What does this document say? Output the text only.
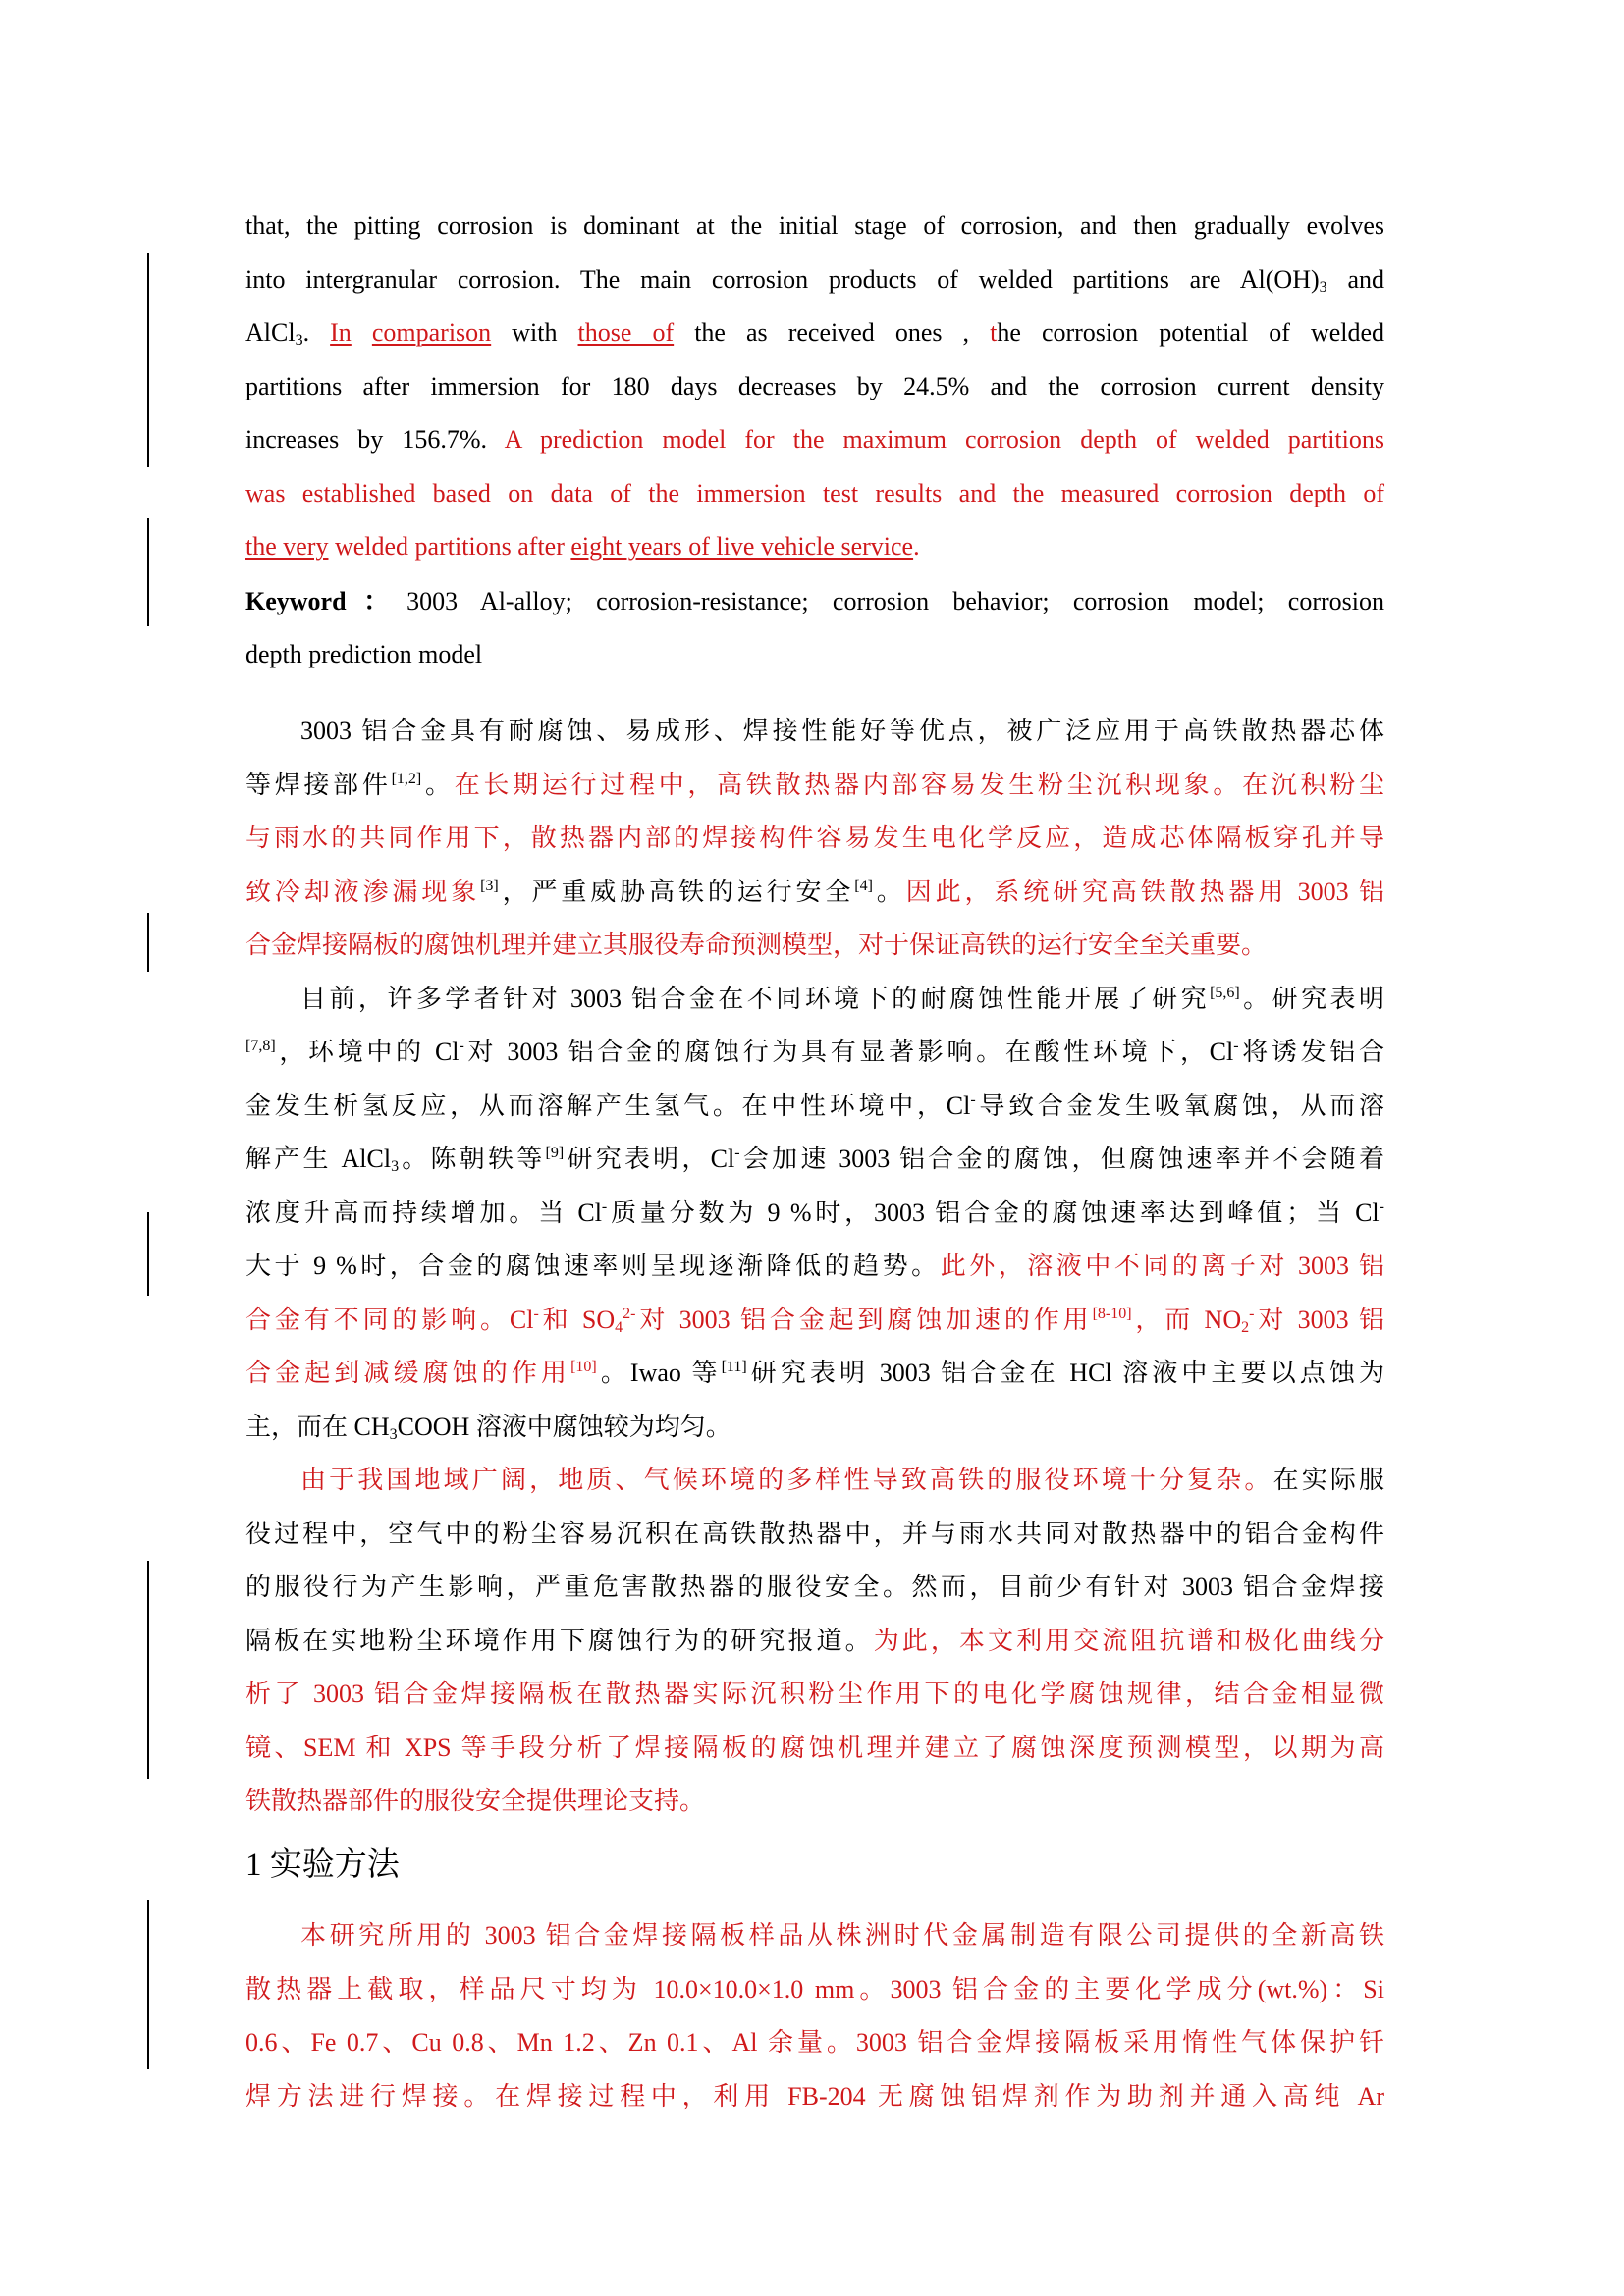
that, the pitting corrosion is dominant at the initial stage of corrosion, and then gradually evolves
into intergranular corrosion. The main corrosion products of welded partitions are $Al(OH)_3$ and
AlCl$_3$. In comparison with those of the as received ones , the corrosion potential of welded
partitions after immersion for 180 days decreases by 24.5% and the corrosion current density
increases by 156.7%. A prediction model for the maximum corrosion depth of welded partitions
was established based on data of the immersion test results and the measured corrosion depth of
the very welded partitions after eight years of live vehicle service.
Keyword：3003 Al-alloy; corrosion-resistance; corrosion behavior; corrosion model; corrosion
depth prediction model
3003 铝合金具有耐腐蚀、易成形、焊接性能好等优点，被广泛应用于高铁散热器芯体
等焊接部件[1,2]。在长期运行过程中，高铁散热器内部容易发生粉尘沉积现象。在沉积粉尘
与雨水的共同作用下，散热器内部的焊接构件容易发生电化学反应，造成芯体隔板穿孔并导
致冷却液渗漏现象[3]，严重威胁高铁的运行安全[4]。因此，系统研究高铁散热器用 3003 铝
合金焊接隔板的腐蚀机理并建立其服役寿命预测模型，对于保证高铁的运行安全至关重要。
目前，许多学者针对 3003 铝合金在不同环境下的耐腐蚀性能开展了研究[5,6]。研究表明
[7,8]，环境中的 Cl-对 3003 铝合金的腐蚀行为具有显著影响。在酸性环境下，Cl-将诱发铝合
金发生析氢反应，从而溶解产生氢气。在中性环境中，Cl-导致合金发生吸氧腐蚀，从而溶
解产生 AlCl$_3$。陈朝轶等[9]研究表明，Cl-会加速 3003 铝合金的腐蚀，但腐蚀速率并不会随着
浓度升高而持续增加。当 Cl-质量分数为 9 %时，3003 铝合金的腐蚀速率达到峰值；当 Cl-
大于 9 %时，合金的腐蚀速率则呈现逐渐降低的趋势。此外，溶液中不同的离子对 3003 铝
合金有不同的影响。Cl-和 $SO_4^{2-}$对 3003 铝合金起到腐蚀加速的作用[8-10]，而 $NO_2^-$对 3003 铝
合金起到减缓腐蚀的作用[10]。Iwao 等[11]研究表明 3003 铝合金在 HCl 溶液中主要以点蚀为
主，而在 $CH_3COOH$ 溶液中腐蚀较为均匀。
由于我国地域广阔，地质、气候环境的多样性导致高铁的服役环境十分复杂。在实际服
役过程中，空气中的粉尘容易沉积在高铁散热器中，并与雨水共同对散热器中的铝合金构件
的服役行为产生影响，严重危害散热器的服役安全。然而，目前少有针对 3003 铝合金焊接
隔板在实地粉尘环境作用下腐蚀行为的研究报道。为此，本文利用交流阻抗谱和极化曲线分
析了 3003 铝合金焊接隔板在散热器实际沉积粉尘作用下的电化学腐蚀规律，结合金相显微
镜、SEM 和 XPS 等手段分析了焊接隔板的腐蚀机理并建立了腐蚀深度预测模型，以期为高
铁散热器部件的服役安全提供理论支持。
1 实验方法
本研究所用的 3003 铝合金焊接隔板样品从株洲时代金属制造有限公司提供的全新高铁
散热器上截取，样品尺寸均为 10.0×10.0×1.0 mm。3003 铝合金的主要化学成分(wt.%)：Si
0.6、Fe 0.7、Cu 0.8、Mn 1.2、Zn 0.1、Al 余量。3003 铝合金焊接隔板采用惰性气体保护钎
焊方法进行焊接。在焊接过程中，利用 FB-204 无腐蚀铝焊剂作为助剂并通入高纯 Ar
